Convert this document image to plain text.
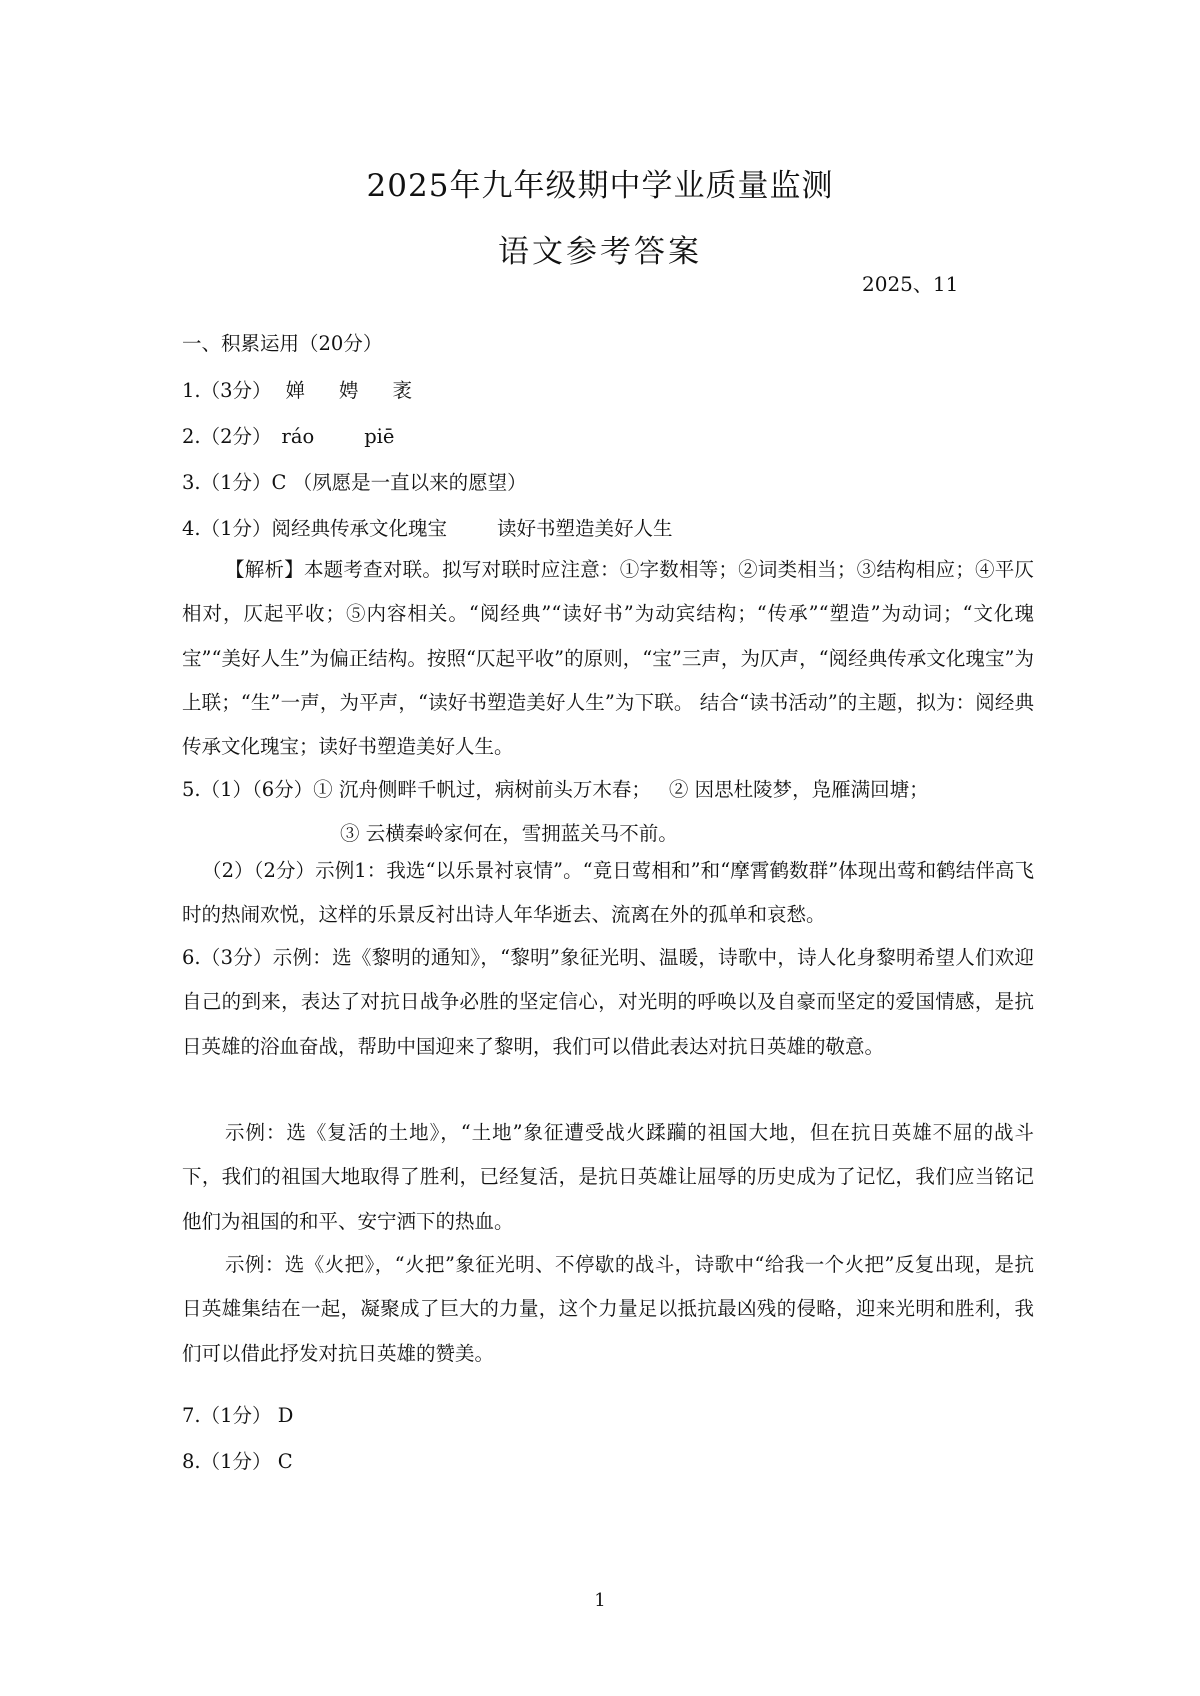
2025年九年级期中学业质量监测
语文参考答案
2025、11
一、积累运用（20分）
1.（3分） 婵 娉 袤
2.（2分） ráo	piē
3.（1分）C （夙愿是一直以来的愿望）
4.（1分）阅经典传承文化瑰宝	读好书塑造美好人生

【解析】本题考查对联。拟写对联时应注意：①字数相等；②词类相当；③结构相应；④平仄相对，仄起平收；⑤内容相关。“阅经典”“读好书”为动宾结构；“传承”“塑造”为动词；“文化瑰宝”“美好人生”为偏正结构。按照“仄起平收”的原则，“宝”三声，为仄声，“阅经典传承文化瑰宝”为上联；“生”一声，为平声，“读好书塑造美好人生”为下联。 结合“读书活动”的主题，拟为：阅经典传承文化瑰宝；读好书塑造美好人生。

5.（1）（6分）① 沉舟侧畔千帆过，病树前头万木春； ② 因思杜陵梦，凫雁满回塘；
③ 云横秦岭家何在，雪拥蓝关马不前。

（2）（2分）示例1：我选“以乐景衬哀情”。“竟日莺相和”和“摩霄鹤数群”体现出莺和鹤结伴高飞时的热闹欢悦，这样的乐景反衬出诗人年华逝去、流离在外的孤单和哀愁。

6.（3分）示例：选《黎明的通知》，“黎明”象征光明、温暖，诗歌中，诗人化身黎明希望人们欢迎自己的到来，表达了对抗日战争必胜的坚定信心，对光明的呼唤以及自豪而坚定的爱国情感，是抗日英雄的浴血奋战，帮助中国迎来了黎明，我们可以借此表达对抗日英雄的敬意。

示例：选《复活的土地》，“土地”象征遭受战火蹂躏的祖国大地，但在抗日英雄不屈的战斗下，我们的祖国大地取得了胜利，已经复活，是抗日英雄让屈辱的历史成为了记忆，我们应当铭记他们为祖国的和平、安宁洒下的热血。

示例：选《火把》，“火把”象征光明、不停歇的战斗，诗歌中“给我一个火把”反复出现，是抗日英雄集结在一起，凝聚成了巨大的力量，这个力量足以抵抗最凶残的侵略，迎来光明和胜利，我们可以借此抒发对抗日英雄的赞美。

7.（1分） D
8.（1分） C
1
